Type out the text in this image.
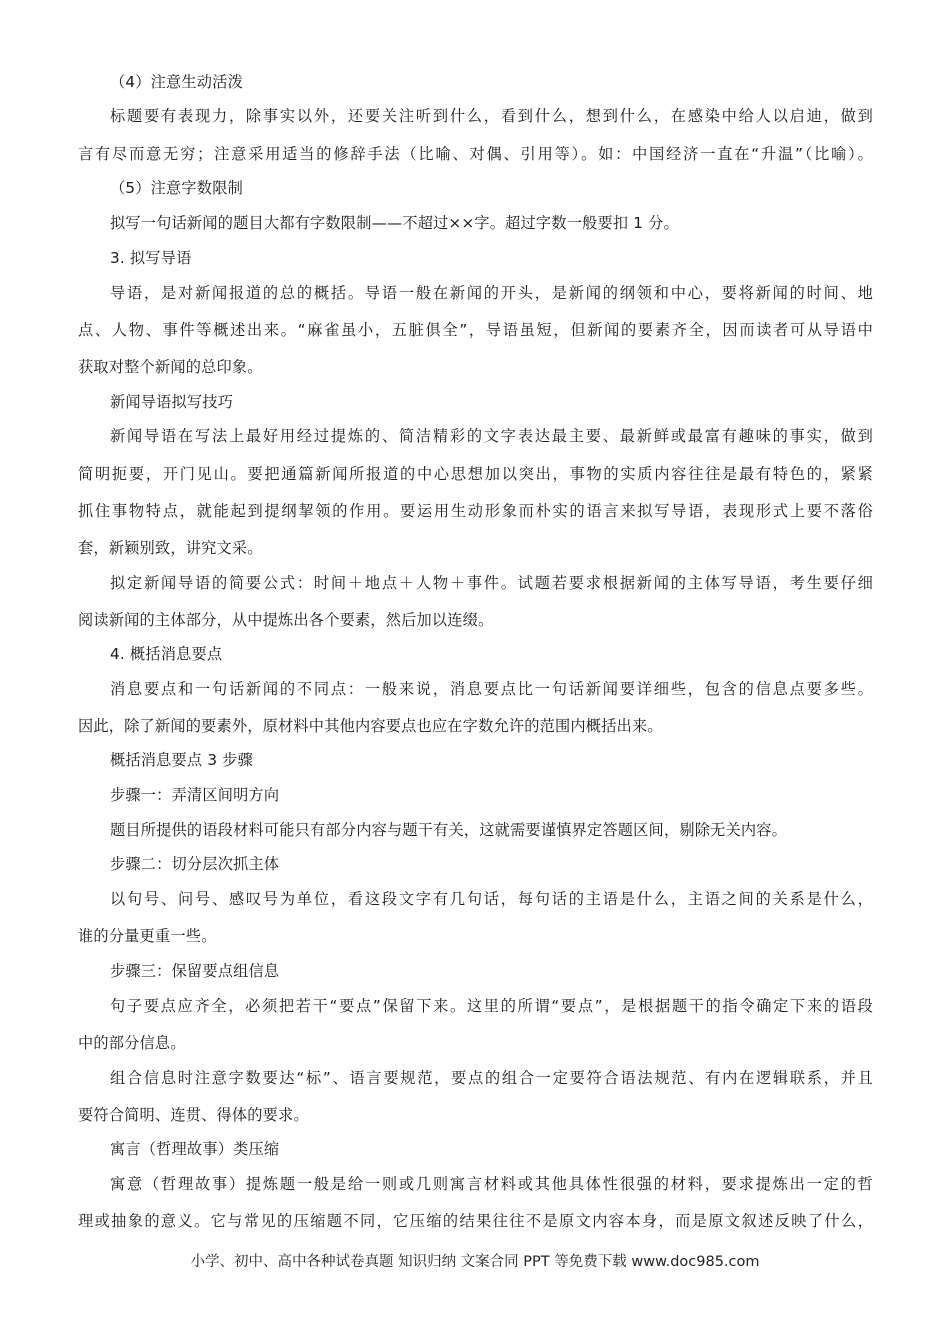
（4）注意生动活泼
标题要有表现力，除事实以外，还要关注听到什么，看到什么，想到什么，在感染中给人以启迪，做到
言有尽而意无穷；注意采用适当的修辞手法（比喻、对偶、引用等）。如：中国经济一直在“升温”（比喻）。
（5）注意字数限制
拟写一句话新闻的题目大都有字数限制——不超过××字。超过字数一般要扣 1 分。
3. 拟写导语
导语，是对新闻报道的总的概括。导语一般在新闻的开头，是新闻的纲领和中心，要将新闻的时间、地
点、人物、事件等概述出来。“麻雀虽小，五脏俱全”，导语虽短，但新闻的要素齐全，因而读者可从导语中
获取对整个新闻的总印象。
新闻导语拟写技巧
新闻导语在写法上最好用经过提炼的、简洁精彩的文字表达最主要、最新鲜或最富有趣味的事实，做到
简明扼要，开门见山。要把通篇新闻所报道的中心思想加以突出，事物的实质内容往往是最有特色的，紧紧
抓住事物特点，就能起到提纲挈领的作用。要运用生动形象而朴实的语言来拟写导语，表现形式上要不落俗
套，新颖别致，讲究文采。
拟定新闻导语的简要公式：时间＋地点＋人物＋事件。试题若要求根据新闻的主体写导语，考生要仔细
阅读新闻的主体部分，从中提炼出各个要素，然后加以连缀。
4. 概括消息要点
消息要点和一句话新闻的不同点：一般来说，消息要点比一句话新闻要详细些，包含的信息点要多些。
因此，除了新闻的要素外，原材料中其他内容要点也应在字数允许的范围内概括出来。
概括消息要点 3 步骤
步骤一：弄清区间明方向
题目所提供的语段材料可能只有部分内容与题干有关，这就需要谨慎界定答题区间，剔除无关内容。
步骤二：切分层次抓主体
以句号、问号、感叹号为单位，看这段文字有几句话，每句话的主语是什么，主语之间的关系是什么，
谁的分量更重一些。
步骤三：保留要点组信息
句子要点应齐全，必须把若干“要点”保留下来。这里的所谓“要点”，是根据题干的指令确定下来的语段
中的部分信息。
组合信息时注意字数要达“标”、语言要规范，要点的组合一定要符合语法规范、有内在逻辑联系，并且
要符合简明、连贯、得体的要求。
寓言（哲理故事）类压缩
寓意（哲理故事）提炼题一般是给一则或几则寓言材料或其他具体性很强的材料，要求提炼出一定的哲
理或抽象的意义。它与常见的压缩题不同，它压缩的结果往往不是原文内容本身，而是原文叙述反映了什么，
小学、初中、高中各种试卷真题 知识归纳 文案合同 PPT 等免费下载 www.doc985.com
